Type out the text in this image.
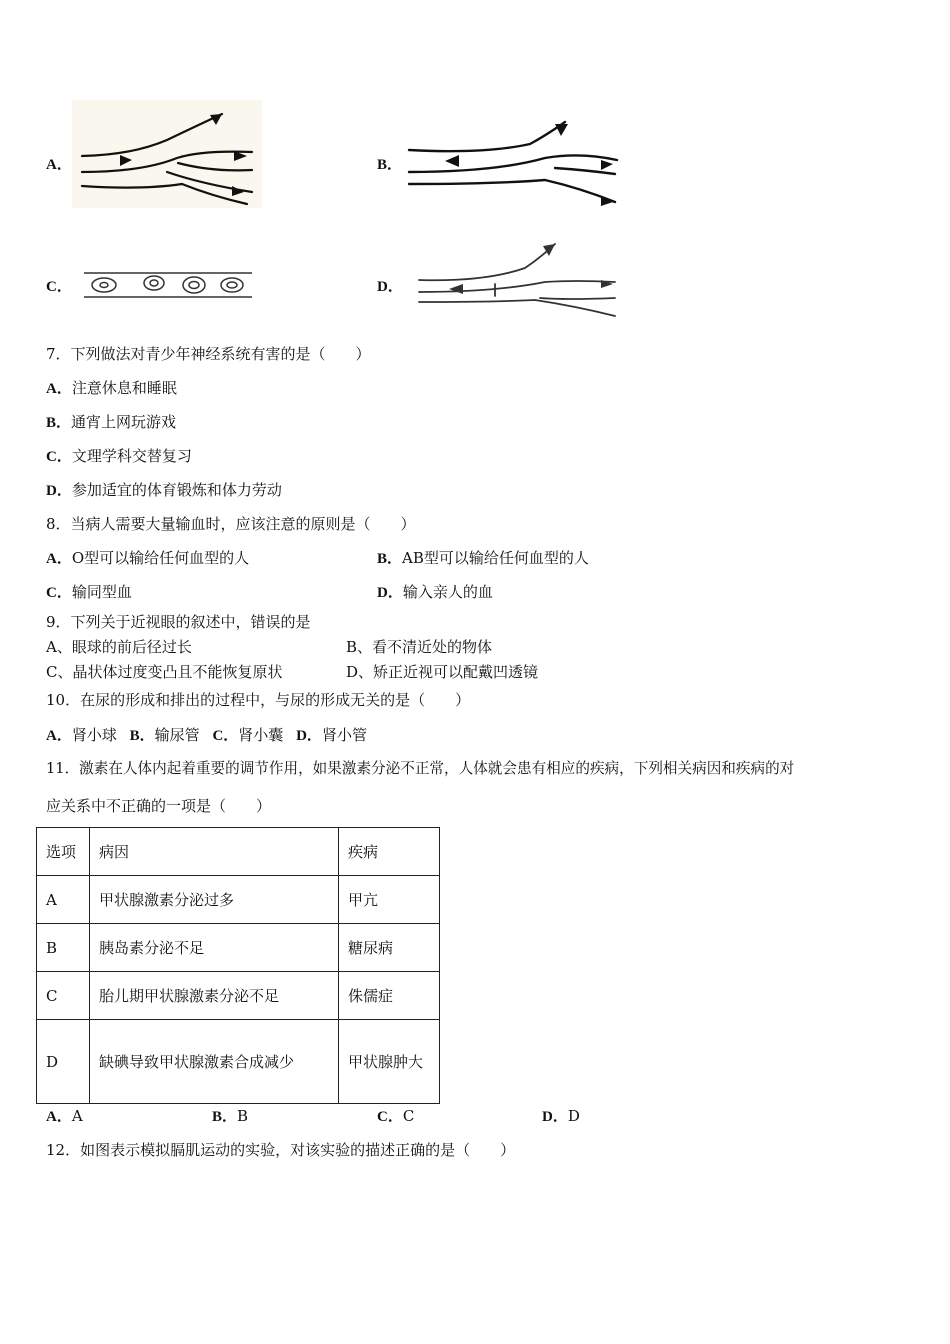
A．	B．
C．	D．
7．下列做法对青少年神经系统有害的是（　　）
A．注意休息和睡眠
B．通宵上网玩游戏
C．文理学科交替复习
D．参加适宜的体育锻炼和体力劳动
8．当病人需要大量输血时，应该注意的原则是（　　）
A．O型可以输给任何血型的人	B．AB型可以输给任何血型的人
C．输同型血	D．输入亲人的血
9．下列关于近视眼的叙述中，错误的是
A、眼球的前后径过长	B、看不清近处的物体
C、晶状体过度变凸且不能恢复原状	D、矫正近视可以配戴凹透镜
10．在尿的形成和排出的过程中，与尿的形成无关的是（　　）
A．肾小球 B．输尿管 C．肾小囊 D．肾小管
11．激素在人体内起着重要的调节作用，如果激素分泌不正常，人体就会患有相应的疾病，下列相关病因和疾病的对
应关系中不正确的一项是（　　）
选项	病因	疾病
A	甲状腺激素分泌过多	甲亢
B	胰岛素分泌不足	糖尿病
C	胎儿期甲状腺激素分泌不足	侏儒症
D	缺碘导致甲状腺激素合成减少	甲状腺肿大
A．A	B．B	C．C	D．D
12．如图表示模拟膈肌运动的实验，对该实验的描述正确的是（　　）
